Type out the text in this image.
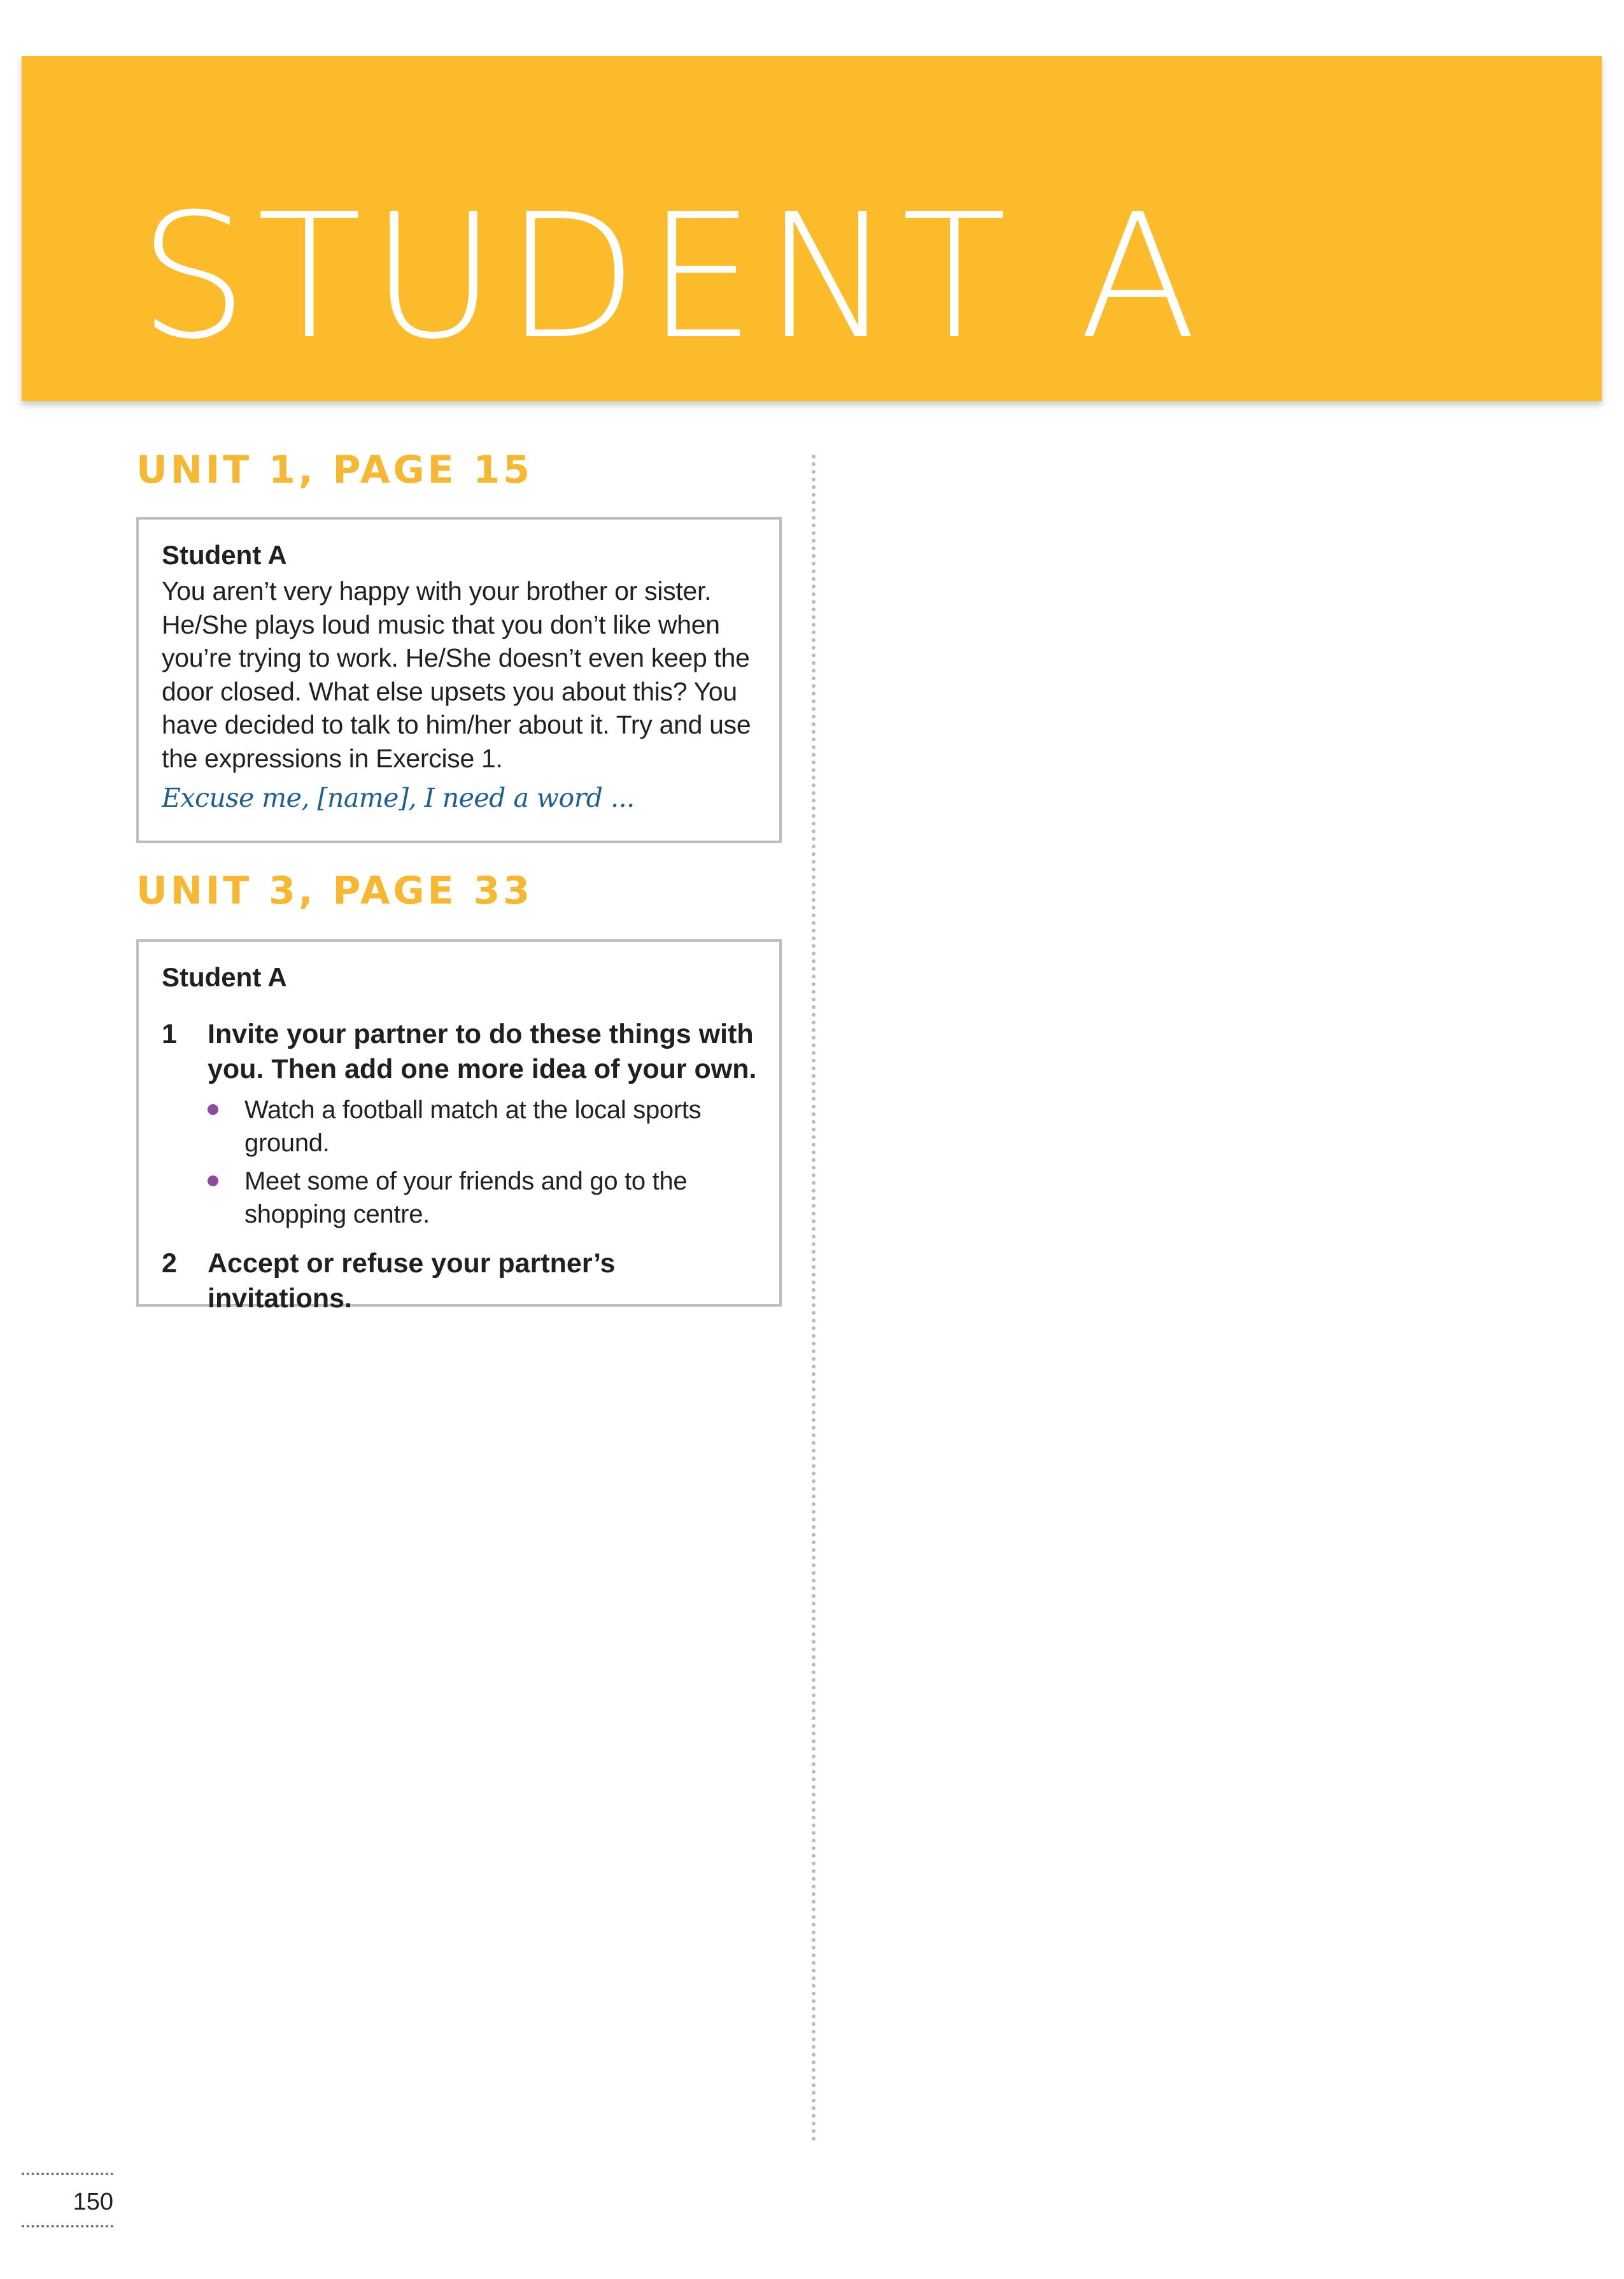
STUDENT A
UNIT 1, PAGE 15

Student A

You aren’t very happy with your brother or sister. He/She plays loud music that you don’t like when you’re trying to work. He/She doesn’t even keep the door closed. What else upsets you about this? You have decided to talk to him/her about it. Try and use the expressions in Exercise 1.

Excuse me, [name], I need a word ...

UNIT 3, PAGE 33

Student A

1 Invite your partner to do these things with you. Then add one more idea of your own.
Watch a football match at the local sports ground.
Meet some of your friends and go to the shopping centre.
2 Accept or refuse your partner’s invitations.
150
